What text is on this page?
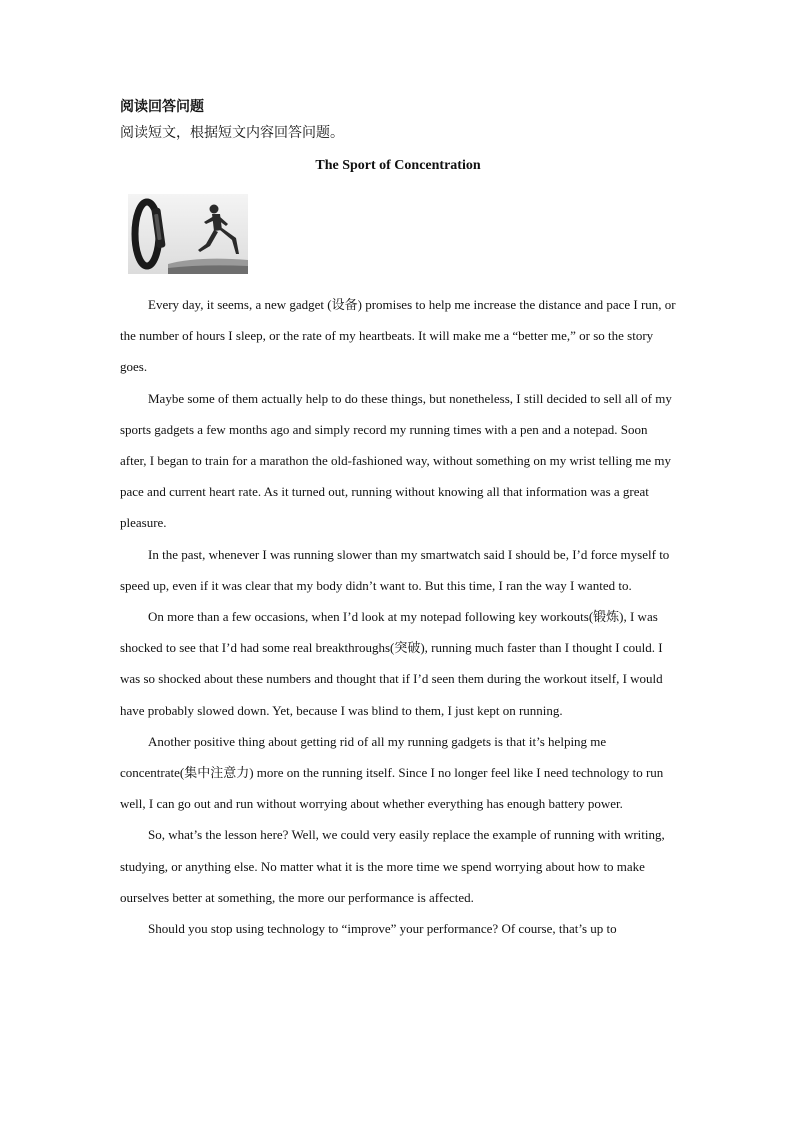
阅读回答问题
阅读短文，根据短文内容回答问题。
The Sport of Concentration

Every day, it seems, a new gadget (设备) promises to help me increase the distance and pace I run, or the number of hours I sleep, or the rate of my heartbeats. It will make me a “better me,” or so the story goes.

Maybe some of them actually help to do these things, but nonetheless, I still decided to sell all of my sports gadgets a few months ago and simply record my running times with a pen and a notepad. Soon after, I began to train for a marathon the old-fashioned way, without something on my wrist telling me my pace and current heart rate. As it turned out, running without knowing all that information was a great pleasure.

In the past, whenever I was running slower than my smartwatch said I should be, I’d force myself to speed up, even if it was clear that my body didn’t want to. But this time, I ran the way I wanted to.

On more than a few occasions, when I’d look at my notepad following key workouts(锻炼), I was shocked to see that I’d had some real breakthroughs(突破), running much faster than I thought I could. I was so shocked about these numbers and thought that if I’d seen them during the workout itself, I would have probably slowed down. Yet, because I was blind to them, I just kept on running.

Another positive thing about getting rid of all my running gadgets is that it’s helping me concentrate(集中注意力) more on the running itself. Since I no longer feel like I need technology to run well, I can go out and run without worrying about whether everything has enough battery power.

So, what’s the lesson here? Well, we could very easily replace the example of running with writing, studying, or anything else. No matter what it is the more time we spend worrying about how to make ourselves better at something, the more our performance is affected.

Should you stop using technology to “improve” your performance? Of course, that’s up to
